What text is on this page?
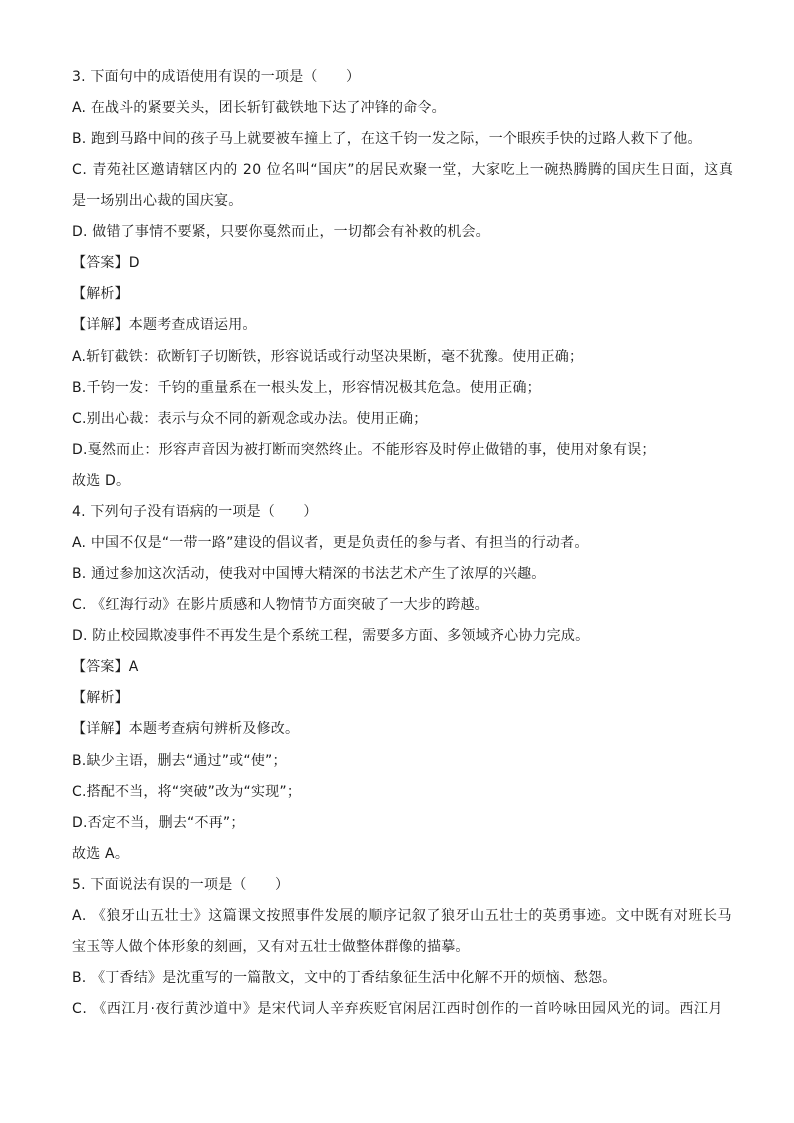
3. 下面句中的成语使用有误的一项是（　　）
A. 在战斗的紧要关头，团长斩钉截铁地下达了冲锋的命令。
B. 跑到马路中间的孩子马上就要被车撞上了，在这千钧一发之际，一个眼疾手快的过路人救下了他。
C. 青苑社区邀请辖区内的 20 位名叫“国庆”的居民欢聚一堂，大家吃上一碗热腾腾的国庆生日面，这真
是一场别出心裁的国庆宴。
D. 做错了事情不要紧，只要你戛然而止，一切都会有补救的机会。
【答案】D
【解析】
【详解】本题考查成语运用。
A.斩钉截铁：砍断钉子切断铁，形容说话或行动坚决果断，毫不犹豫。使用正确；
B.千钧一发：千钧的重量系在一根头发上，形容情况极其危急。使用正确；
C.别出心裁：表示与众不同的新观念或办法。使用正确；
D.戛然而止：形容声音因为被打断而突然终止。不能形容及时停止做错的事，使用对象有误；
故选 D。
4. 下列句子没有语病的一项是（　　）
A. 中国不仅是“一带一路”建设的倡议者，更是负责任的参与者、有担当的行动者。
B. 通过参加这次活动，使我对中国博大精深的书法艺术产生了浓厚的兴趣。
C. 《红海行动》在影片质感和人物情节方面突破了一大步的跨越。
D. 防止校园欺凌事件不再发生是个系统工程，需要多方面、多领域齐心协力完成。
【答案】A
【解析】
【详解】本题考查病句辨析及修改。
B.缺少主语，删去“通过”或“使”；
C.搭配不当，将“突破”改为“实现”；
D.否定不当，删去“不再”；
故选 A。
5. 下面说法有误的一项是（　　）
A. 《狼牙山五壮士》这篇课文按照事件发展的顺序记叙了狼牙山五壮士的英勇事迹。文中既有对班长马
宝玉等人做个体形象的刻画，又有对五壮士做整体群像的描摹。
B. 《丁香结》是沈重写的一篇散文，文中的丁香结象征生活中化解不开的烦恼、愁怨。
C. 《西江月·夜行黄沙道中》是宋代词人辛弃疾贬官闲居江西时创作的一首吟咏田园风光的词。西江月
